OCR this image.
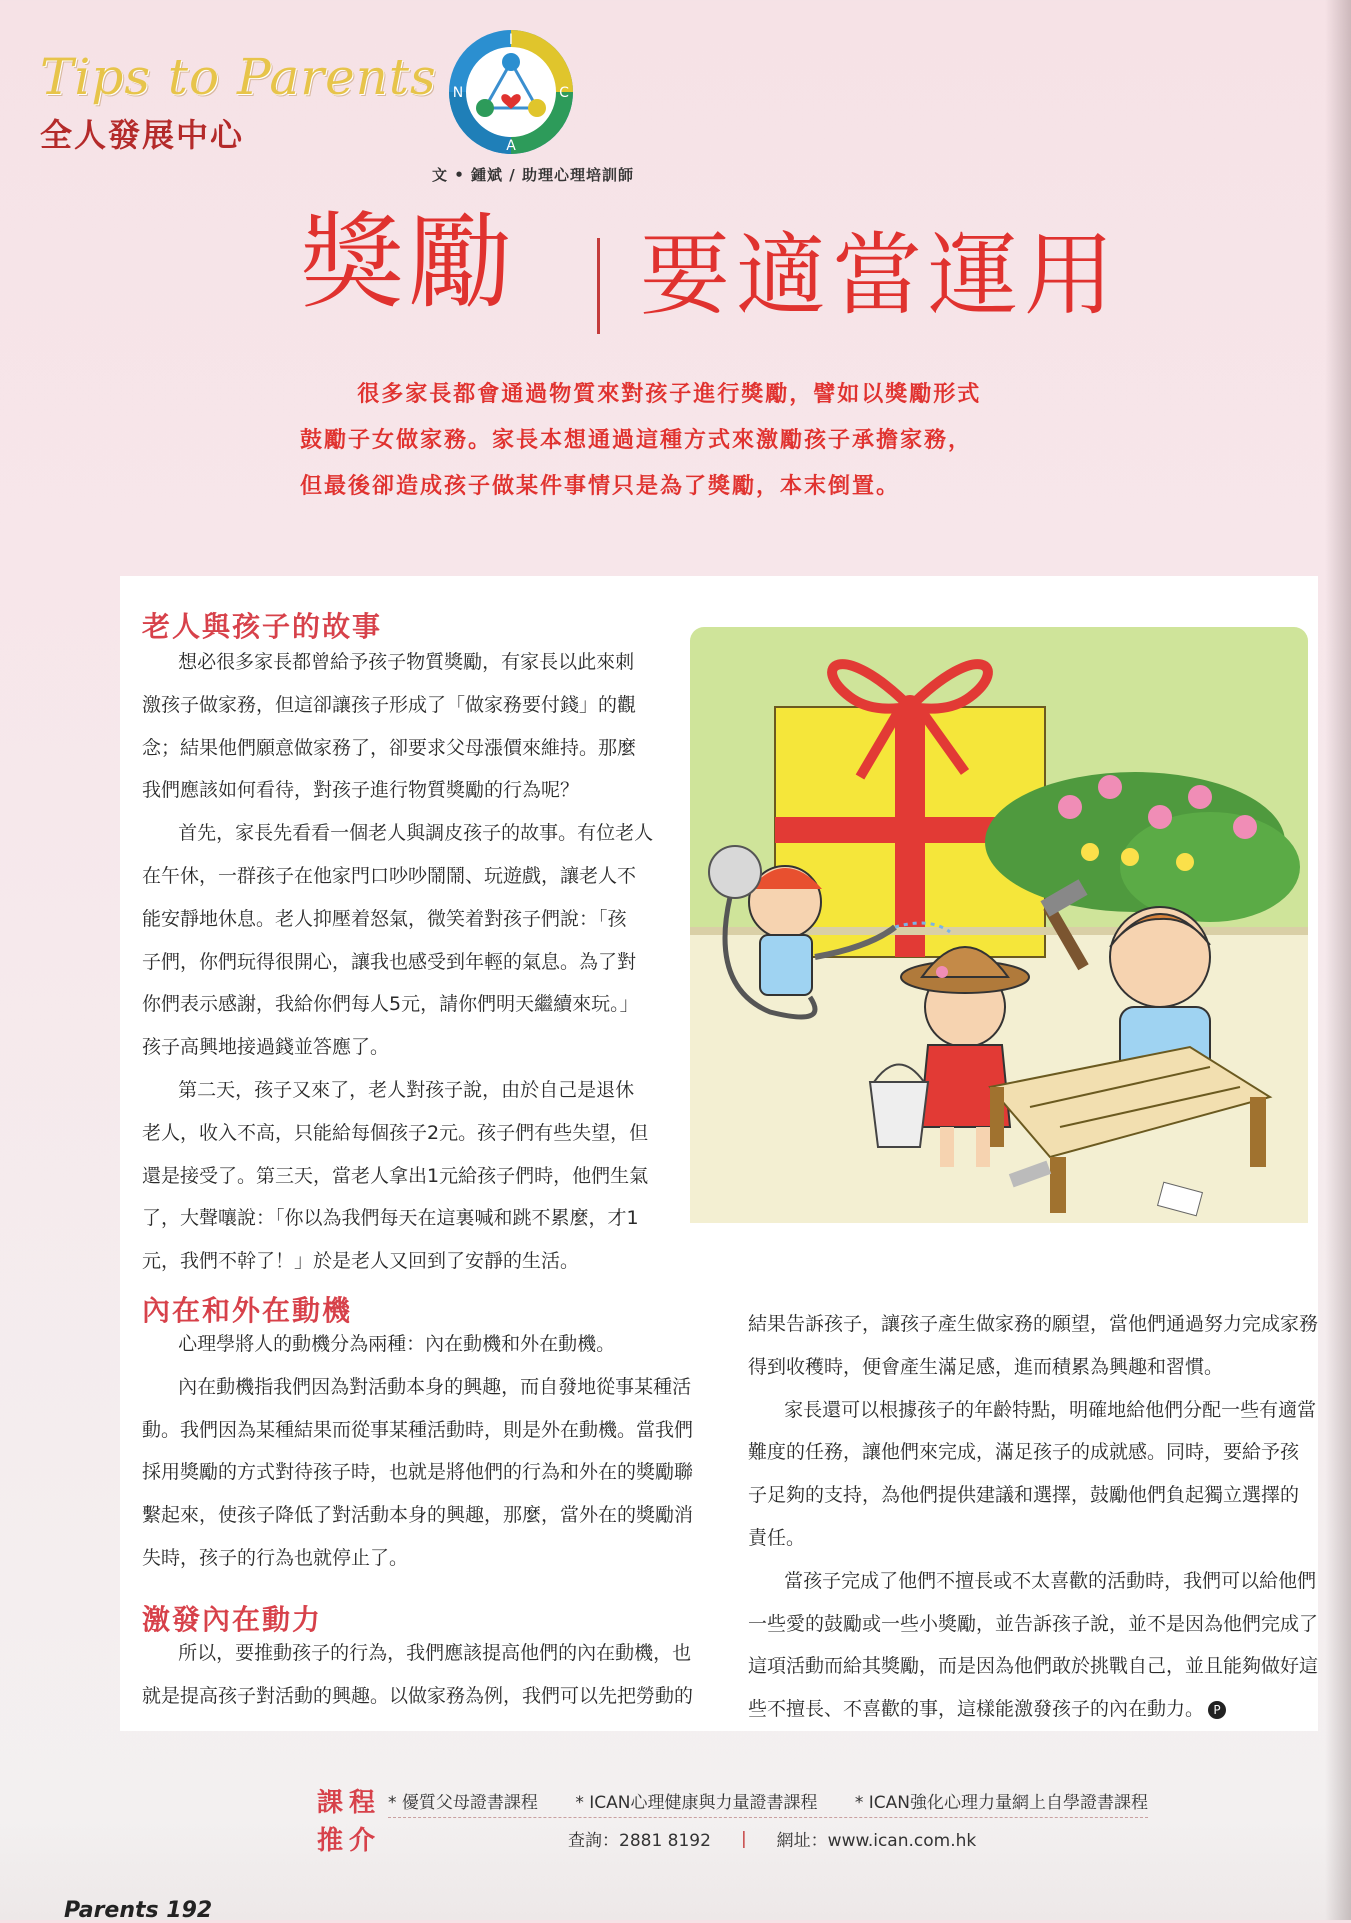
Tips to Parents
全人發展中心
I
N	C
A
文 • 鍾斌 / 助理心理培訓師
獎勵 要適當運用

很多家長都會通過物質來對孩子進行獎勵，譬如以獎勵形式

鼓勵子女做家務。家長本想通過這種方式來激勵孩子承擔家務，

但最後卻造成孩子做某件事情只是為了獎勵，本末倒置。

老人與孩子的故事

想必很多家長都曾給予孩子物質獎勵，有家長以此來刺

激孩子做家務，但這卻讓孩子形成了「做家務要付錢」的觀

念；結果他們願意做家務了，卻要求父母漲價來維持。那麼

我們應該如何看待，對孩子進行物質獎勵的行為呢？

首先，家長先看看一個老人與調皮孩子的故事。有位老人

在午休，一群孩子在他家門口吵吵鬧鬧、玩遊戲，讓老人不

能安靜地休息。老人抑壓着怒氣，微笑着對孩子們說：「孩

子們，你們玩得很開心，讓我也感受到年輕的氣息。為了對

你們表示感謝，我給你們每人5元，請你們明天繼續來玩。」

孩子高興地接過錢並答應了。

第二天，孩子又來了，老人對孩子說，由於自己是退休

老人，收入不高，只能給每個孩子2元。孩子們有些失望，但

還是接受了。第三天，當老人拿出1元給孩子們時，他們生氣

了，大聲嚷說：「你以為我們每天在這裏喊和跳不累麼，才1

元，我們不幹了！」於是老人又回到了安靜的生活。

內在和外在動機

心理學將人的動機分為兩種：內在動機和外在動機。

內在動機指我們因為對活動本身的興趣，而自發地從事某種活

動。我們因為某種結果而從事某種活動時，則是外在動機。當我們

採用獎勵的方式對待孩子時，也就是將他們的行為和外在的獎勵聯

繫起來，使孩子降低了對活動本身的興趣，那麼，當外在的獎勵消

失時，孩子的行為也就停止了。

激發內在動力

所以，要推動孩子的行為，我們應該提高他們的內在動機，也

就是提高孩子對活動的興趣。以做家務為例，我們可以先把勞動的

結果告訴孩子，讓孩子產生做家務的願望，當他們通過努力完成家務

得到收穫時，便會產生滿足感，進而積累為興趣和習慣。

家長還可以根據孩子的年齡特點，明確地給他們分配一些有適當

難度的任務，讓他們來完成，滿足孩子的成就感。同時，要給予孩

子足夠的支持，為他們提供建議和選擇，鼓勵他們負起獨立選擇的

責任。

當孩子完成了他們不擅長或不太喜歡的活動時，我們可以給他們

一些愛的鼓勵或一些小獎勵，並告訴孩子說，並不是因為他們完成了

這項活動而給其獎勵，而是因為他們敢於挑戰自己，並且能夠做好這

些不擅長、不喜歡的事，這樣能激發孩子的內在動力。 P

課程
推介
* 優質父母證書課程 * ICAN心理健康與力量證書課程 * ICAN強化心理力量網上自學證書課程
查詢：2881 8192 | 網址：www.ican.com.hk
Parents 192
